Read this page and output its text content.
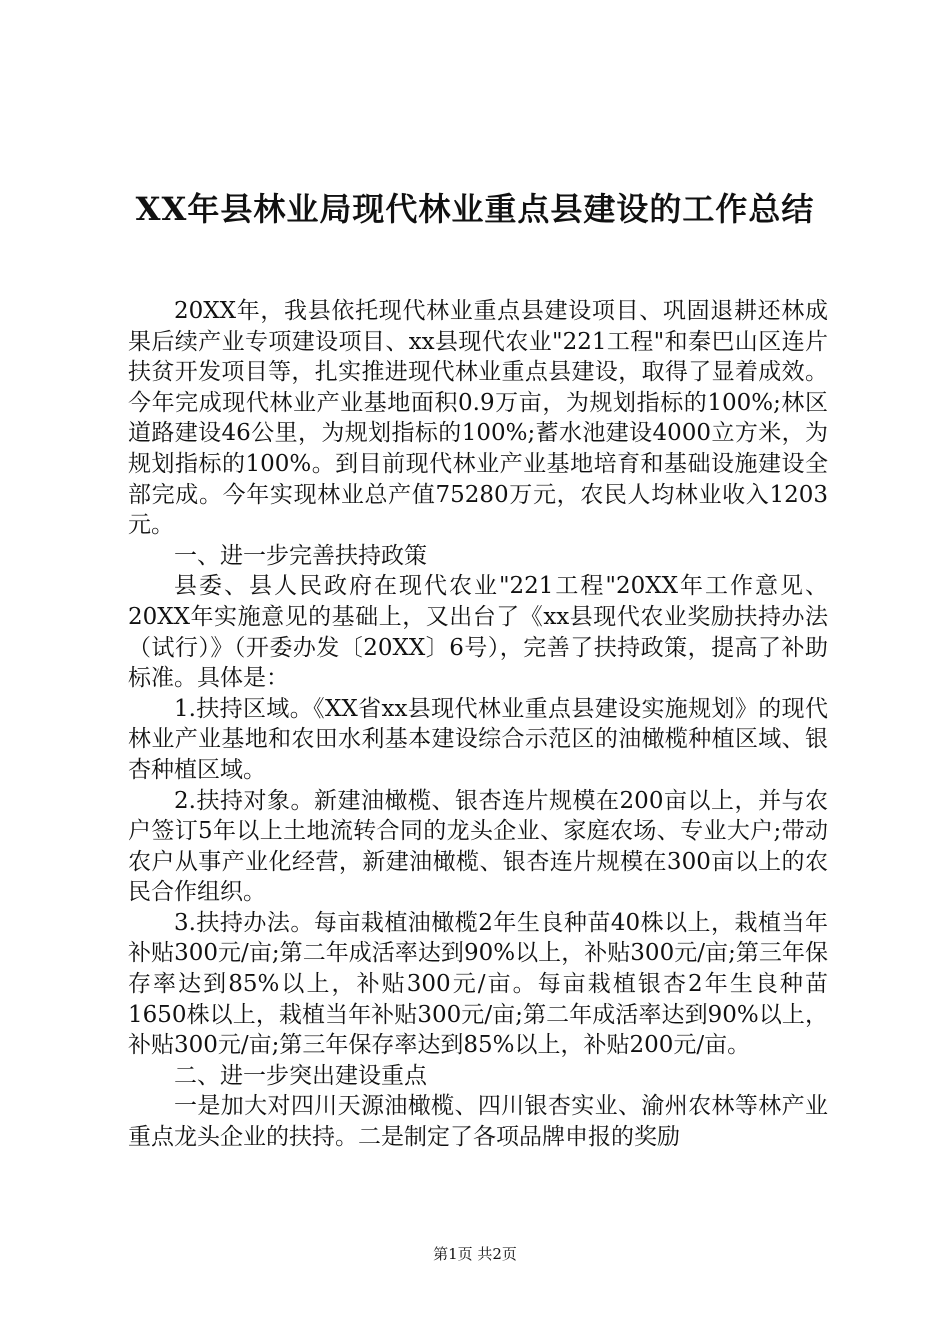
XX年县林业局现代林业重点县建设的工作总结

20XX年，我县依托现代林业重点县建设项目、巩固退耕还林成果后续产业专项建设项目、xx县现代农业"221工程"和秦巴山区连片扶贫开发项目等，扎实推进现代林业重点县建设，取得了显着成效。今年完成现代林业产业基地面积0.9万亩，为规划指标的100%;林区道路建设46公里，为规划指标的100%;蓄水池建设4000立方米，为规划指标的100%。到目前现代林业产业基地培育和基础设施建设全部完成。今年实现林业总产值75280万元，农民人均林业收入1203元。

一、进一步完善扶持政策

县委、县人民政府在现代农业"221工程"20XX年工作意见、20XX年实施意见的基础上，又出台了《xx县现代农业奖励扶持办法（试行）》（开委办发〔20XX〕6号），完善了扶持政策，提高了补助标准。具体是：

1.扶持区域。《XX省xx县现代林业重点县建设实施规划》的现代林业产业基地和农田水利基本建设综合示范区的油橄榄种植区域、银杏种植区域。

2.扶持对象。新建油橄榄、银杏连片规模在200亩以上，并与农户签订5年以上土地流转合同的龙头企业、家庭农场、专业大户;带动农户从事产业化经营，新建油橄榄、银杏连片规模在300亩以上的农民合作组织。

3.扶持办法。每亩栽植油橄榄2年生良种苗40株以上，栽植当年补贴300元/亩;第二年成活率达到90%以上，补贴300元/亩;第三年保存率达到85%以上，补贴300元/亩。每亩栽植银杏2年生良种苗1650株以上，栽植当年补贴300元/亩;第二年成活率达到90%以上，补贴300元/亩;第三年保存率达到85%以上，补贴200元/亩。

二、进一步突出建设重点

一是加大对四川天源油橄榄、四川银杏实业、渝州农林等林产业重点龙头企业的扶持。二是制定了各项品牌申报的奖励

第1页 共2页
